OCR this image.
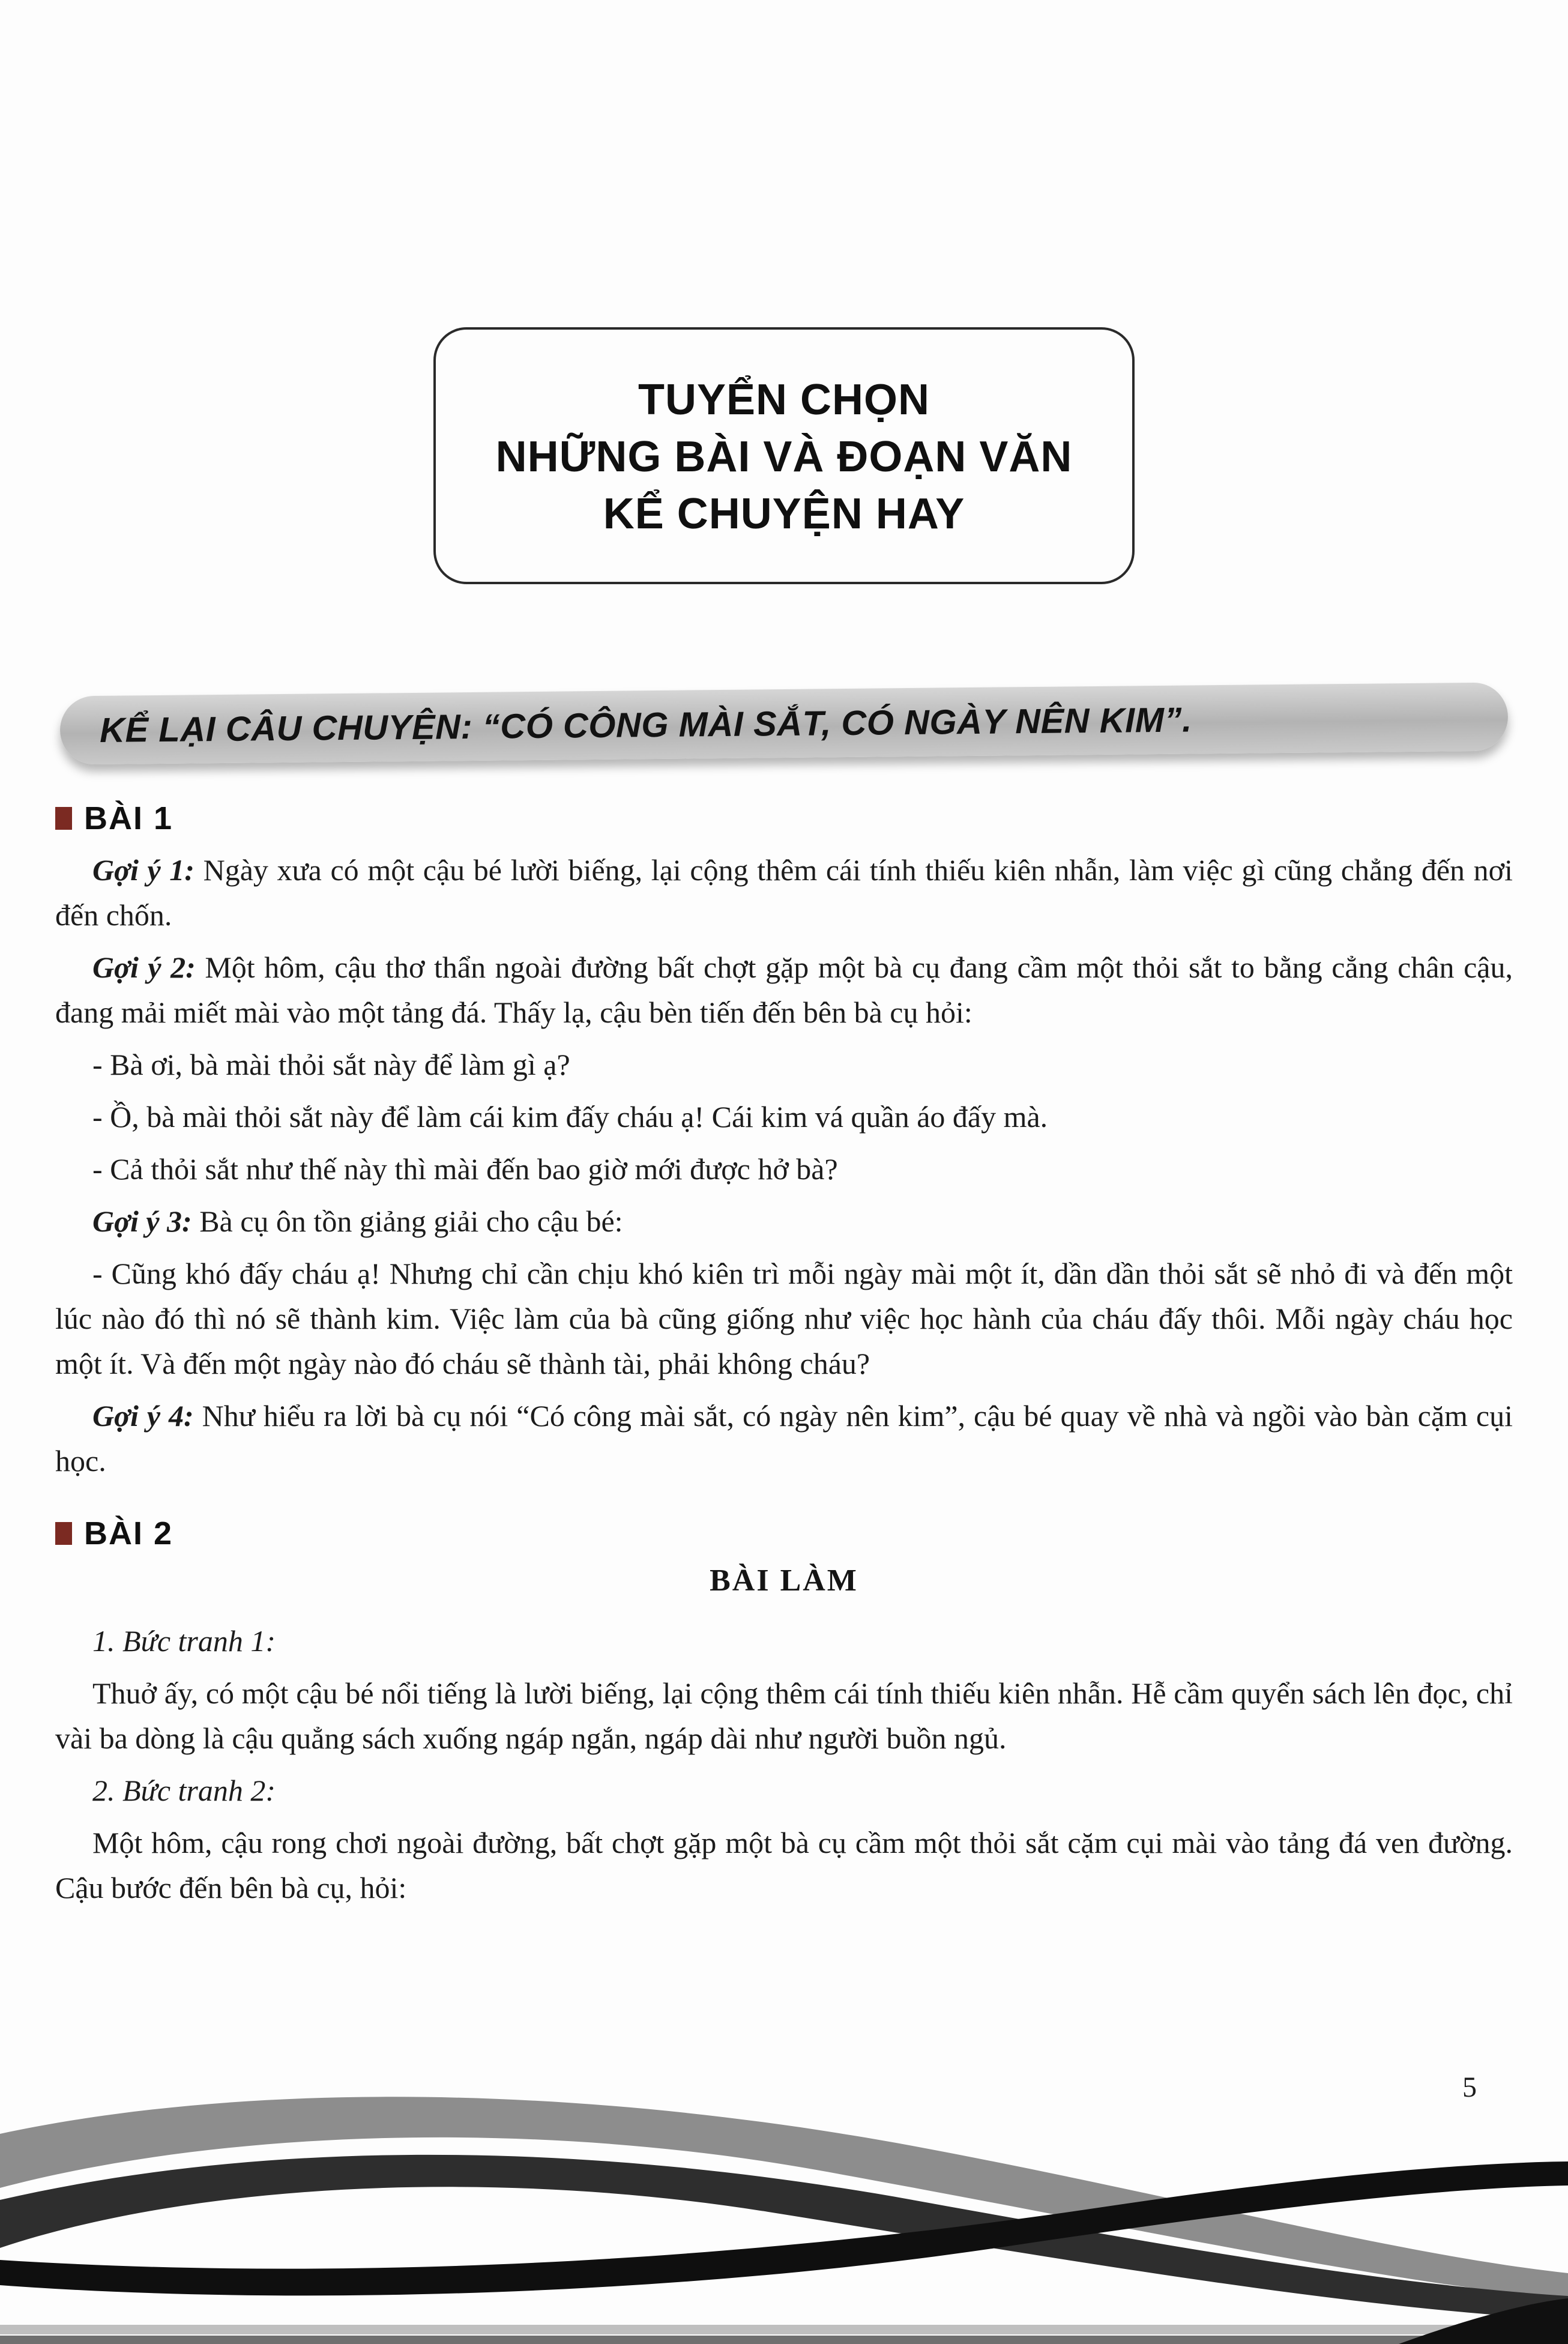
TUYỂN CHỌN
NHỮNG BÀI VÀ ĐOẠN VĂN
KỂ CHUYỆN HAY
KỂ LẠI CÂU CHUYỆN: “CÓ CÔNG MÀI SẮT, CÓ NGÀY NÊN KIM”.
BÀI 1

Gợi ý 1: Ngày xưa có một cậu bé lười biếng, lại cộng thêm cái tính thiếu kiên nhẫn, làm việc gì cũng chẳng đến nơi đến chốn.

Gợi ý 2: Một hôm, cậu thơ thẩn ngoài đường bất chợt gặp một bà cụ đang cầm một thỏi sắt to bằng cẳng chân cậu, đang mải miết mài vào một tảng đá. Thấy lạ, cậu bèn tiến đến bên bà cụ hỏi:

- Bà ơi, bà mài thỏi sắt này để làm gì ạ?

- Ồ, bà mài thỏi sắt này để làm cái kim đấy cháu ạ! Cái kim vá quần áo đấy mà.

- Cả thỏi sắt như thế này thì mài đến bao giờ mới được hở bà?

Gợi ý 3: Bà cụ ôn tồn giảng giải cho cậu bé:

- Cũng khó đấy cháu ạ! Nhưng chỉ cần chịu khó kiên trì mỗi ngày mài một ít, dần dần thỏi sắt sẽ nhỏ đi và đến một lúc nào đó thì nó sẽ thành kim. Việc làm của bà cũng giống như việc học hành của cháu đấy thôi. Mỗi ngày cháu học một ít. Và đến một ngày nào đó cháu sẽ thành tài, phải không cháu?

Gợi ý 4: Như hiểu ra lời bà cụ nói “Có công mài sắt, có ngày nên kim”, cậu bé quay về nhà và ngồi vào bàn cặm cụi học.

BÀI 2
BÀI LÀM

1. Bức tranh 1:

Thuở ấy, có một cậu bé nổi tiếng là lười biếng, lại cộng thêm cái tính thiếu kiên nhẫn. Hễ cầm quyển sách lên đọc, chỉ vài ba dòng là cậu quẳng sách xuống ngáp ngắn, ngáp dài như người buồn ngủ.

2. Bức tranh 2:

Một hôm, cậu rong chơi ngoài đường, bất chợt gặp một bà cụ cầm một thỏi sắt cặm cụi mài vào tảng đá ven đường. Cậu bước đến bên bà cụ, hỏi:

5
